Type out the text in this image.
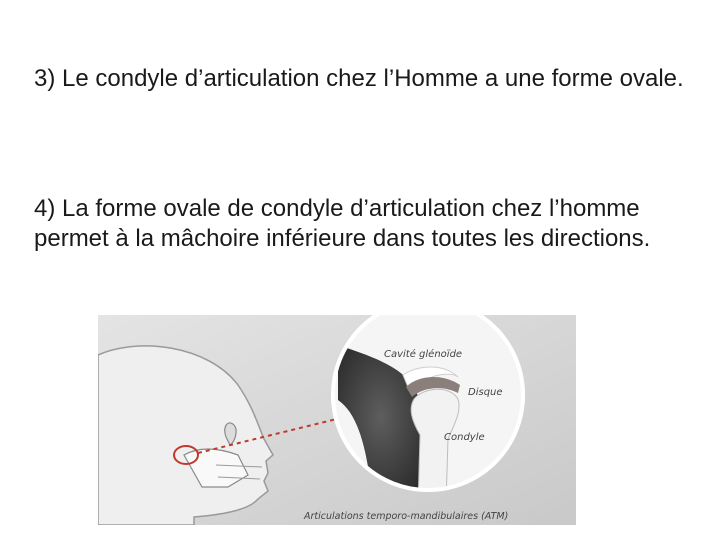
3) Le condyle d’articulation chez l’Homme a une forme ovale.

4) La forme ovale de condyle d’articulation chez l’homme permet à la mâchoire inférieure dans toutes les directions.

Cavité glénoïde
Disque
Condyle
Articulations temporo-mandibulaires (ATM)
